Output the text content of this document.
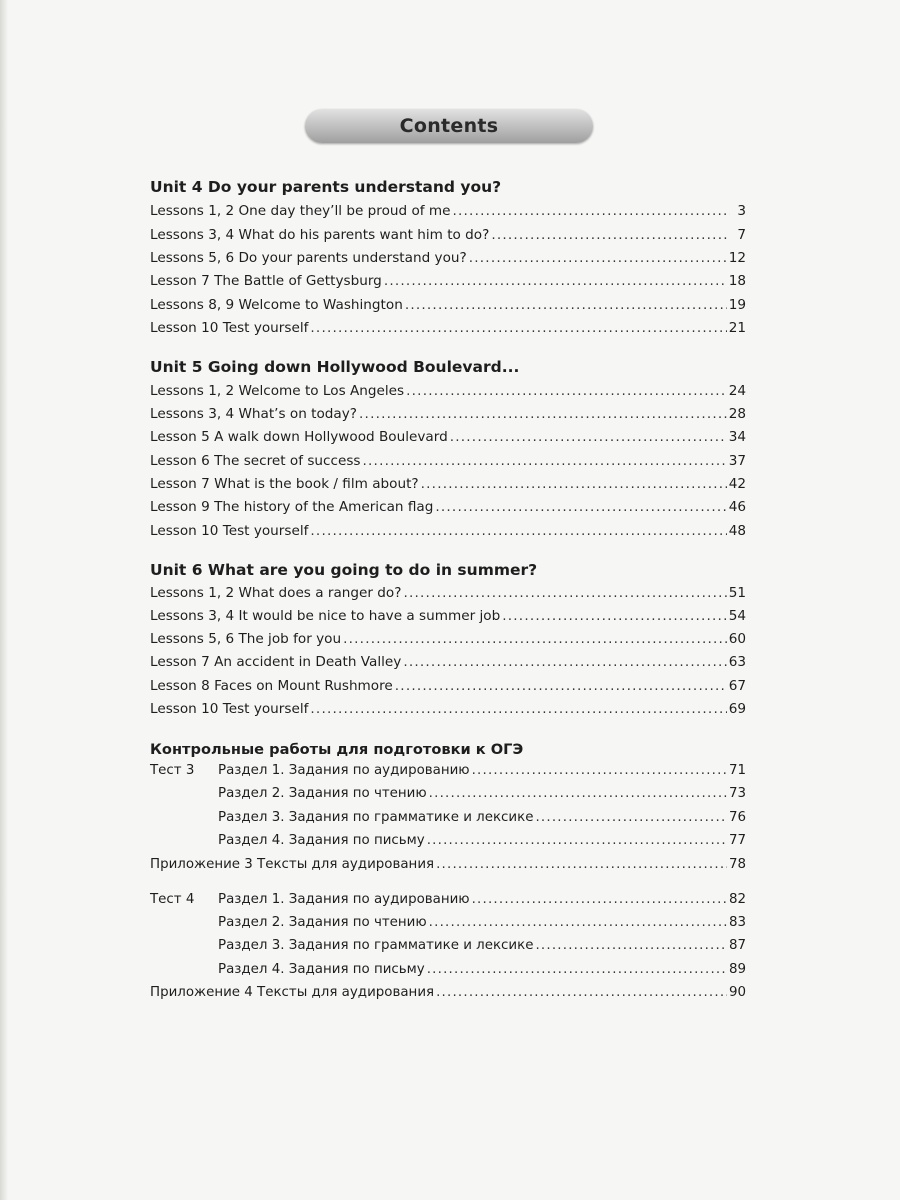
Contents
Unit 4 Do your parents understand you?
Lessons 1, 2 One day they’ll be proud of me .....	3
Lessons 3, 4 What do his parents want him to do? .....	7
Lessons 5, 6 Do your parents understand you? .....	12
Lesson 7 The Battle of Gettysburg .....	18
Lessons 8, 9 Welcome to Washington .....	19
Lesson 10 Test yourself .....	21
Unit 5 Going down Hollywood Boulevard...
Lessons 1, 2 Welcome to Los Angeles .....	24
Lessons 3, 4 What’s on today? .....	28
Lesson 5 A walk down Hollywood Boulevard .....	34
Lesson 6 The secret of success .....	37
Lesson 7 What is the book / film about? .....	42
Lesson 9 The history of the American flag .....	46
Lesson 10 Test yourself .....	48
Unit 6 What are you going to do in summer?
Lessons 1, 2 What does a ranger do? .....	51
Lessons 3, 4 It would be nice to have a summer job .....	54
Lessons 5, 6 The job for you .....	60
Lesson 7 An accident in Death Valley .....	63
Lesson 8 Faces on Mount Rushmore .....	67
Lesson 10 Test yourself .....	69
Контрольные работы для подготовки к ОГЭ
Тест 3	Раздел 1. Задания по аудированию .....	71
Раздел 2. Задания по чтению .....	73
Раздел 3. Задания по грамматике и лексике .....	76
Раздел 4. Задания по письму .....	77
Приложение 3 Тексты для аудирования .....	78
Тест 4	Раздел 1. Задания по аудированию .....	82
Раздел 2. Задания по чтению .....	83
Раздел 3. Задания по грамматике и лексике .....	87
Раздел 4. Задания по письму .....	89
Приложение 4 Тексты для аудирования .....	90
